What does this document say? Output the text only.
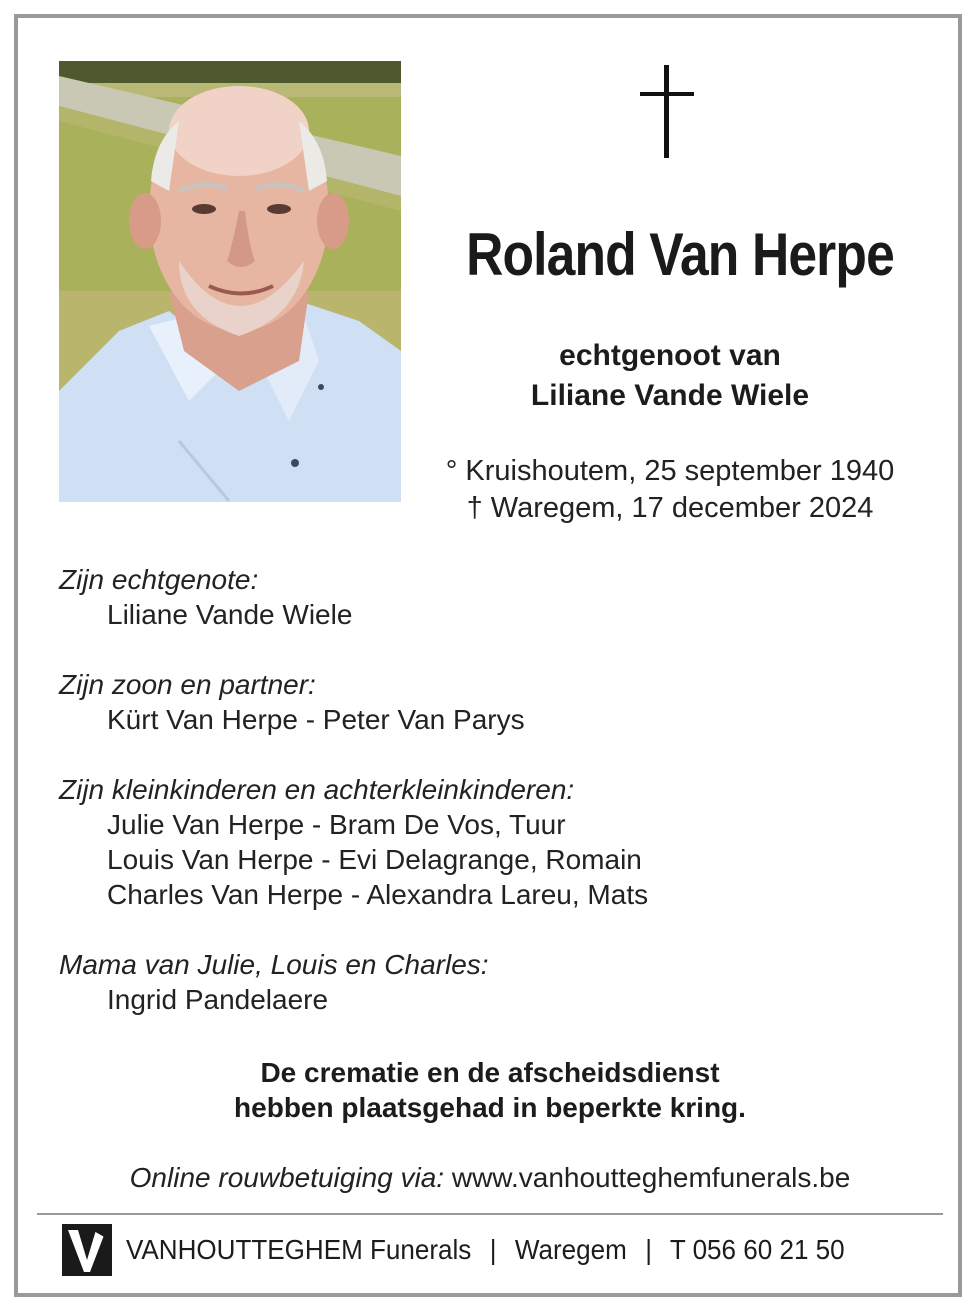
Roland Van Herpe
echtgenoot van
Liliane Vande Wiele
° Kruishoutem, 25 september 1940
† Waregem, 17 december 2024
Zijn echtgenote:
Liliane Vande Wiele
Zijn zoon en partner:
Kürt Van Herpe - Peter Van Parys
Zijn kleinkinderen en achterkleinkinderen:
Julie Van Herpe - Bram De Vos, Tuur
Louis Van Herpe - Evi Delagrange, Romain
Charles Van Herpe - Alexandra Lareu, Mats
Mama van Julie, Louis en Charles:
Ingrid Pandelaere
De crematie en de afscheidsdienst
hebben plaatsgehad in beperkte kring.
Online rouwbetuiging via: www.vanhoutteghemfunerals.be
VANHOUTTEGHEM Funerals | Waregem | T 056 60 21 50
